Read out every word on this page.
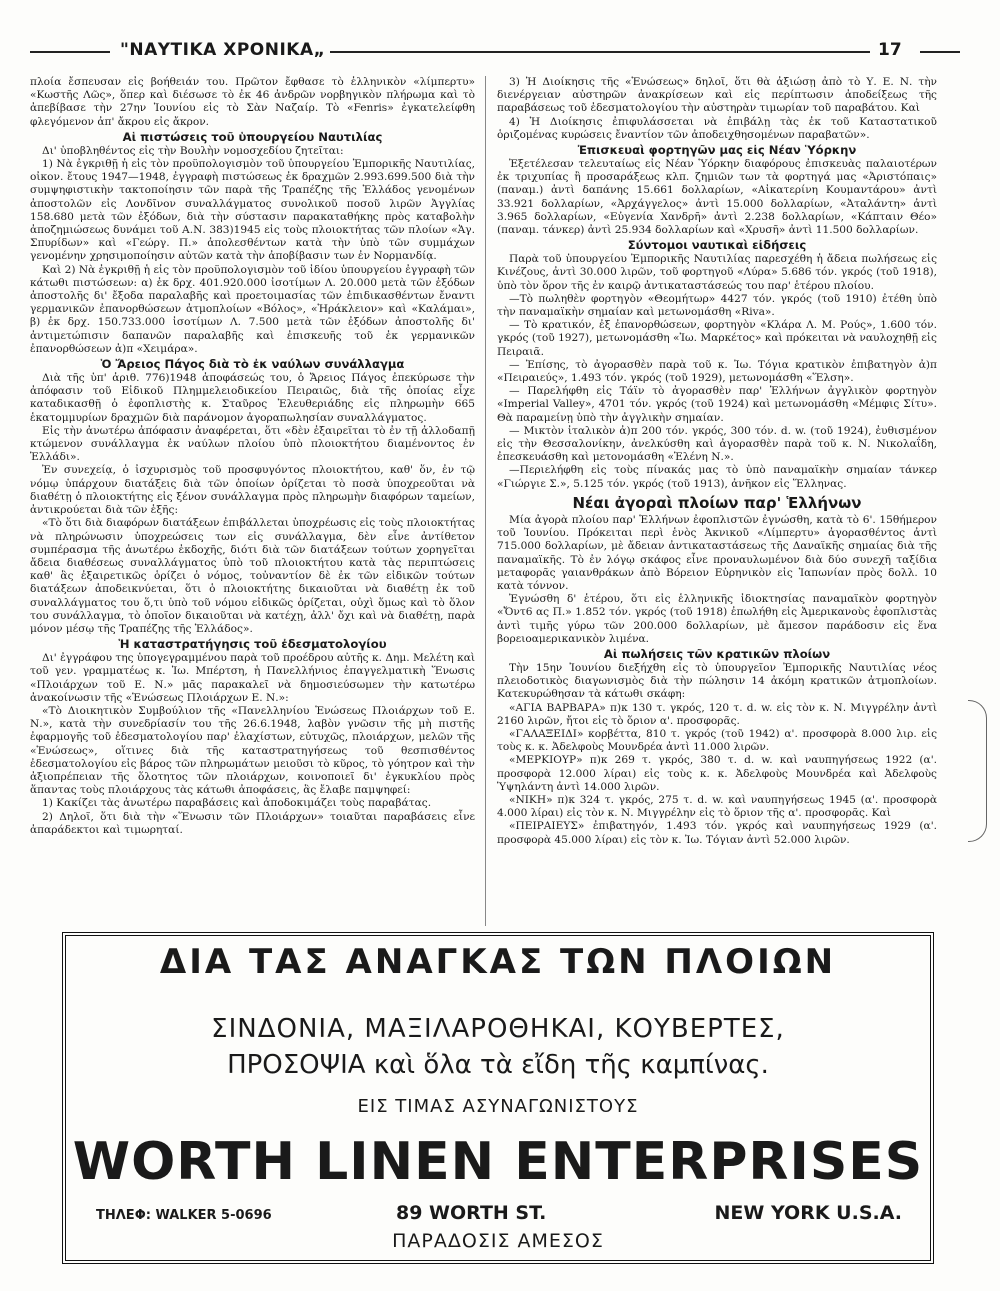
"ΝΑΥΤΙΚΑ ΧΡΟΝΙΚΑ„	17

πλοία ἔσπευσαν εἰς βοήθειάν του. Πρῶτον ἔφθασε τὸ ἑλληνικὸν «λίμπερτυ» «Κωστῆς Λῶς», ὅπερ καὶ διέσωσε τὸ ἐκ 46 ἀνδρῶν νορβηγικὸν πλήρωμα καὶ τὸ ἀπεβίβασε τὴν 27ην Ἰουνίου εἰς τὸ Σὰν Ναζαίρ. Τὸ «Fenris» ἐγκατελείφθη φλεγόμενον ἀπ' ἄκρου εἰς ἄκρον.

Αἱ πιστώσεις τοῦ ὑπουργείου Ναυτιλίας

Δι' ὑποβληθέντος εἰς τὴν Βουλὴν νομοσχεδίου ζητεῖται:

1) Νὰ ἐγκριθῇ ἡ εἰς τὸν προϋπολογισμὸν τοῦ ὑπουργείου Ἐμπορικῆς Ναυτιλίας, οἰκον. ἔτους 1947—1948, ἐγγραφὴ πιστώσεως ἐκ δραχμῶν 2.993.699.500 διὰ τὴν συμψηφιστικὴν τακτοποίησιν τῶν παρὰ τῆς Τραπέζης τῆς Ἑλλάδος γενομένων ἀποστολῶν εἰς Λονδῖνον συναλλάγματος συνολικοῦ ποσοῦ λιρῶν Ἀγγλίας 158.680 μετὰ τῶν ἐξόδων, διὰ τὴν σύστασιν παρακαταθήκης πρὸς καταβολὴν ἀποζημιώσεως δυνάμει τοῦ Α.Ν. 383)1945 εἰς τοὺς πλοιοκτήτας τῶν πλοίων «Ἁγ. Σπυρίδων» καὶ «Γεώργ. Π.» ἀπολεσθέντων κατὰ τὴν ὑπὸ τῶν συμμάχων γενομένην χρησιμοποίησιν αὐτῶν κατὰ τὴν ἀποβίβασιν των ἐν Νορμανδίᾳ.

Καὶ 2) Νὰ ἐγκριθῇ ἡ εἰς τὸν προϋπολογισμὸν τοῦ ἰδίου ὑπουργείου ἐγγραφὴ τῶν κάτωθι πιστώσεων: α) ἐκ δρχ. 401.920.000 ἰσοτίμων Λ. 20.000 μετὰ τῶν ἐξόδων ἀποστολῆς δι' ἔξοδα παραλαβῆς καὶ προετοιμασίας τῶν ἐπιδικασθέντων ἔναντι γερμανικῶν ἐπανορθώσεων ἀτμοπλοίων «Βόλος», «Ἡράκλειον» καὶ «Καλάμαι», β) ἐκ δρχ. 150.733.000 ἰσοτίμων Λ. 7.500 μετὰ τῶν ἐξόδων ἀποστολῆς δι' ἀντιμετώπισιν δαπανῶν παραλαβῆς καὶ ἐπισκευῆς τοῦ ἐκ γερμανικῶν ἐπανορθώσεων ἀ)π «Χειμάρα».

Ὁ Ἄρειος Πάγος διὰ τὸ ἐκ ναύλων συνάλλαγμα

Διὰ τῆς ὑπ' ἀριθ. 776)1948 ἀποφάσεώς του, ὁ Ἄρειος Πάγος ἐπεκύρωσε τὴν ἀπόφασιν τοῦ Εἰδικοῦ Πλημμελειοδικείου Πειραιῶς, διὰ τῆς ὁποίας εἶχε καταδικασθῇ ὁ ἐφοπλιστὴς κ. Σταῦρος Ἐλευθεριάδης εἰς πληρωμὴν 665 ἑκατομμυρίων δραχμῶν διὰ παράνομον ἀγοραπωλησίαν συναλλάγματος.

Εἰς τὴν ἀνωτέρω ἀπόφασιν ἀναφέρεται, ὅτι «δὲν ἐξαιρεῖται τὸ ἐν τῇ ἀλλοδαπῇ κτώμενον συνάλλαγμα ἐκ ναύλων πλοίου ὑπὸ πλοιοκτήτου διαμένοντος ἐν Ἑλλάδι».

Ἐν συνεχείᾳ, ὁ ἰσχυρισμὸς τοῦ προσφυγόντος πλοιοκτήτου, καθ' ὅν, ἐν τῷ νόμῳ ὑπάρχουν διατάξεις διὰ τῶν ὁποίων ὁρίζεται τὸ ποσὰ ὑποχρεοῦται νὰ διαθέτῃ ὁ πλοιοκτήτης εἰς ξένον συνάλλαγμα πρὸς πληρωμὴν διαφόρων ταμείων, ἀντικρούεται διὰ τῶν ἑξῆς:

«Τὸ ὅτι διὰ διαφόρων διατάξεων ἐπιβάλλεται ὑποχρέωσις εἰς τοὺς πλοιοκτήτας νὰ πληρώνωσιν ὑποχρεώσεις των εἰς συνάλλαγμα, δὲν εἶνε ἀντίθετον συμπέρασμα τῆς ἀνωτέρω ἐκδοχῆς, διότι διὰ τῶν διατάξεων τούτων χορηγεῖται ἄδεια διαθέσεως συναλλάγματος ὑπὸ τοῦ πλοιοκτήτου κατὰ τὰς περιπτώσεις καθ' ἃς ἐξαιρετικῶς ὁρίζει ὁ νόμος, τοὐναντίον δὲ ἐκ τῶν εἰδικῶν τούτων διατάξεων ἀποδεικνύεται, ὅτι ὁ πλοιοκτήτης δικαιοῦται νὰ διαθέτῃ ἐκ τοῦ συναλλάγματος του ὅ,τι ὑπὸ τοῦ νόμου εἰδικῶς ὁρίζεται, οὐχὶ ὅμως καὶ τὸ ὅλον του συνάλλαγμα, τὸ ὁποῖον δικαιοῦται νὰ κατέχῃ, ἀλλ' ὄχι καὶ νὰ διαθέτῃ, παρὰ μόνον μέσῳ τῆς Τραπέζης τῆς Ἑλλάδος».

Ἡ καταστρατήγησις τοῦ ἐδεσματολογίου

Δι' ἐγγράφου της ὑπογεγραμμένου παρὰ τοῦ προέδρου αὐτῆς κ. Δημ. Μελέτη καὶ τοῦ γεν. γραμματέως κ. Ἰω. Μπέρτση, ἡ Πανελλήνιος ἐπαγγελματικὴ Ἕνωσις «Πλοιάρχων τοῦ Ε. Ν.» μᾶς παρακαλεῖ νὰ δημοσιεύσωμεν τὴν κατωτέρω ἀνακοίνωσιν τῆς «Ἑνώσεως Πλοιάρχων Ε. Ν.»:

«Τὸ Διοικητικὸν Συμβούλιον τῆς «Πανελληνίου Ἑνώσεως Πλοιάρχων τοῦ Ε. Ν.», κατὰ τὴν συνεδρίασίν του τῆς 26.6.1948, λαβὸν γνῶσιν τῆς μὴ πιστῆς ἐφαρμογῆς τοῦ ἐδεσματολογίου παρ' ἐλαχίστων, εὐτυχῶς, πλοιάρχων, μελῶν τῆς «Ἑνώσεως», οἵτινες διὰ τῆς καταστρατηγήσεως τοῦ θεσπισθέντος ἐδεσματολογίου εἰς βάρος τῶν πληρωμάτων μειοῦσι τὸ κῦρος, τὸ γόητρον καὶ τὴν ἀξιοπρέπειαν τῆς ὅλοτητος τῶν πλοιάρχων, κοινοποιεῖ δι' ἐγκυκλίου πρὸς ἅπαντας τοὺς πλοιάρχους τὰς κάτωθι ἀποφάσεις, ἃς ἔλαβε παμψηφεί:

1) Κακίζει τὰς ἀνωτέρω παραβάσεις καὶ ἀποδοκιμάζει τοὺς παραβάτας.

2) Δηλοῖ, ὅτι διὰ τὴν «Ἕνωσιν τῶν Πλοιάρχων» τοιαῦται παραβάσεις εἶνε ἀπαράδεκτοι καὶ τιμωρηταί.

3) Ἡ Διοίκησις τῆς «Ἑνώσεως» δηλοῖ, ὅτι θὰ ἀξιώσῃ ἀπὸ τὸ Υ. Ε. Ν. τὴν διενέργειαν αὐστηρῶν ἀνακρίσεων καὶ εἰς περίπτωσιν ἀποδείξεως τῆς παραβάσεως τοῦ ἐδεσματολογίου τὴν αὐστηρὰν τιμωρίαν τοῦ παραβάτου. Καὶ

4) Ἡ Διοίκησις ἐπιφυλάσσεται νὰ ἐπιβάλῃ τὰς ἐκ τοῦ Καταστατικοῦ ὁριζομένας κυρώσεις ἔναντίον τῶν ἀποδειχθησομένων παραβατῶν».

Ἐπισκευαὶ φορτηγῶν μας εἰς Νέαν Ὑόρκην

Ἐξετέλεσαν τελευταίως εἰς Νέαν Ὑόρκην διαφόρους ἐπισκευὰς παλαιοτέρων ἐκ τριχυπίας ἢ προσαράξεως κλπ. ζημιῶν των τὰ φορτηγά μας «Ἀριστόπαις» (παναμ.) ἀντὶ δαπάνης 15.661 δολλαρίων, «Αἰκατερίνη Κουμαντάρου» ἀντὶ 33.921 δολλαρίων, «Ἀρχάγγελος» ἀντὶ 15.000 δολλαρίων, «Ἀταλάντη» ἀντὶ 3.965 δολλαρίων, «Εὐγενία Χανδρῆ» ἀντὶ 2.238 δολλαρίων, «Κάπταιν Θέο» (παναμ. τάνκερ) ἀντὶ 25.934 δολλαρίων καὶ «Χρυσῆ» ἀντὶ 11.500 δολλαρίων.

Σύντομοι ναυτικαὶ εἰδήσεις

Παρὰ τοῦ ὑπουργείου Ἐμπορικῆς Ναυτιλίας παρεσχέθη ἡ ἄδεια πωλήσεως εἰς Κινέζους, ἀντὶ 30.000 λιρῶν, τοῦ φορτηγοῦ «Λύρα» 5.686 τόν. γκρός (τοῦ 1918), ὑπὸ τὸν ὅρον τῆς ἐν καιρῷ ἀντικαταστάσεώς του παρ' ἑτέρου πλοίου.

—Τὸ πωληθὲν φορτηγὸν «Θεομήτωρ» 4427 τόν. γκρός (τοῦ 1910) ἐτέθη ὑπὸ τὴν παναμαϊκὴν σημαίαν καὶ μετωνομάσθη «Riva».

— Τὸ κρατικόν, ἐξ ἐπανορθώσεων, φορτηγὸν «Κλάρα Λ. Μ. Ρούς», 1.600 τόν. γκρός (τοῦ 1927), μετωνομάσθη «Ἰω. Μαρκέτος» καὶ πρόκειται νὰ ναυλοχηθῇ εἰς Πειραιᾶ.

— Ἐπίσης, τὸ ἀγορασθὲν παρὰ τοῦ κ. Ἰω. Τόγια κρατικὸν ἐπιβατηγὸν ἀ)π «Πειραιεύς», 1.493 τόν. γκρός (τοῦ 1929), μετωνομάσθη «Ἕλση».

— Παρελήφθη εἰς Τάϊν τὸ ἀγορασθὲν παρ' Ἑλλήνων ἀγγλικὸν φορτηγὸν «Imperial Valley», 4701 τόν. γκρός (τοῦ 1924) καὶ μετωνομάσθη «Μέμφις Σίτυ». Θὰ παραμείνῃ ὑπὸ τὴν ἀγγλικὴν σημαίαν.

— Μικτὸν ἰταλικὸν ἀ)π 200 τόν. γκρός, 300 τόν. d. w. (τοῦ 1924), ἐυθισμένον εἰς τὴν Θεσσαλονίκην, ἀνελκύσθη καὶ ἀγορασθὲν παρὰ τοῦ κ. Ν. Νικολαΐδη, ἐπεσκευάσθη καὶ μετονομάσθη «Ἑλένη Ν.».

—Περιελήφθη εἰς τοὺς πίνακάς μας τὸ ὑπὸ παναμαϊκὴν σημαίαν τάνκερ «Γιώργιε Σ.», 5.125 τόν. γκρός (τοῦ 1913), ἀνῆκον εἰς Ἕλληνας.

Νέαι ἀγοραὶ πλοίων παρ' Ἑλλήνων

Μία ἀγορὰ πλοίου παρ' Ἑλλήνων ἐφοπλιστῶν ἐγνώσθη, κατὰ τὸ 6'. 15θήμερον τοῦ Ἰουνίου. Πρόκειται περὶ ἑνὸς Ἀκνικοῦ «Λίμπερτυ» ἀγορασθέντος ἀντὶ 715.000 δολλαρίων, μὲ ἄδειαν ἀντικαταστάσεως τῆς Δαναϊκῆς σημαίας διὰ τῆς παναμαϊκῆς. Τὸ ἐν λόγῳ σκάφος εἶνε προναυλωμένον διὰ δύο συνεχῆ ταξίδια μεταφορᾶς γαιανθράκων ἀπὸ Βόρειον Εὐρηνικὸν εἰς Ἰαπωνίαν πρὸς δολλ. 10 κατὰ τόννον.

Ἐγνώσθη δ' ἑτέρου, ὅτι εἰς ἑλληνικῆς ἰδιοκτησίας παναμαϊκὸν φορτηγὸν «Ὄντ6 ας Π.» 1.852 τόν. γκρός (τοῦ 1918) ἐπωλήθη εἰς Ἀμερικανοὺς ἐφοπλιστὰς ἀντὶ τιμῆς γύρω τῶν 200.000 δολλαρίων, μὲ ἄμεσον παράδοσιν εἰς ἕνα βορειοαμερικανικὸν λιμένα.

Αἱ πωλήσεις τῶν κρατικῶν πλοίων

Τὴν 15ην Ἰουνίου διεξήχθη εἰς τὸ ὑπουργεῖον Ἐμπορικῆς Ναυτιλίας νέος πλειοδοτικὸς διαγωνισμὸς διὰ τὴν πώλησιν 14 ἀκόμη κρατικῶν ἀτμοπλοίων. Κατεκυρώθησαν τὰ κάτωθι σκάφη:

«ΑΓΙΑ ΒΑΡΒΑΡΑ» π)κ 130 τ. γκρός, 120 τ. d. w. εἰς τὸν κ. Ν. Μιγγρέλην ἀντὶ 2160 λιρῶν, ἤτοι εἰς τὸ ὅριον α'. προσφορᾶς.

«ΓΑΛΑΞΕΙΔΙ» κορβέττα, 810 τ. γκρός (τοῦ 1942) α'. προσφορὰ 8.000 λιρ. εἰς τοὺς κ. κ. Ἀδελφοὺς Μουνδρέα ἀντὶ 11.000 λιρῶν.

«ΜΕΡΚΙΟΥΡ» π)κ 269 τ. γκρός, 380 τ. d. w. καὶ ναυπηγήσεως 1922 (α'. προσφορὰ 12.000 λίραι) εἰς τοὺς κ. κ. Ἀδελφοὺς Μουνδρέα καὶ Ἀδελφοὺς Ὑψηλάντη ἀντὶ 14.000 λιρῶν.

«ΝΙΚΗ» π)κ 324 τ. γκρός, 275 τ. d. w. καὶ ναυπηγήσεως 1945 (α'. προσφορὰ 4.000 λίραι) εἰς τὸν κ. Ν. Μιγγρέλην εἰς τὸ ὅριον τῆς α'. προσφορᾶς. Καὶ

«ΠΕΙΡΑΙΕΥΣ» ἐπιβατηγόν, 1.493 τόν. γκρός καὶ ναυπηγήσεως 1929 (α'. προσφορὰ 45.000 λίραι) εἰς τὸν κ. Ἰω. Τόγιαν ἀντὶ 52.000 λιρῶν.

ΔΙΑ ΤΑΣ ΑΝΑΓΚΑΣ ΤΩΝ ΠΛΟΙΩΝ
ΣΙΝΔΟΝΙΑ, ΜΑΞΙΛΑΡΟΘΗΚΑΙ, ΚΟΥΒΕΡΤΕΣ,
ΠΡΟΣΟΨΙΑ καὶ ὅλα τὰ εἴδη τῆς καμπίνας.
ΕΙΣ ΤΙΜΑΣ ΑΣΥΝΑΓΩΝΙΣΤΟΥΣ
WORTH LINEN ENTERPRISES
ΤΗΛΕΦ: WALKER 5-0696	89 WORTH ST.	NEW YORK U.S.A.
ΠΑΡΑΔΟΣΙΣ ΑΜΕΣΟΣ
